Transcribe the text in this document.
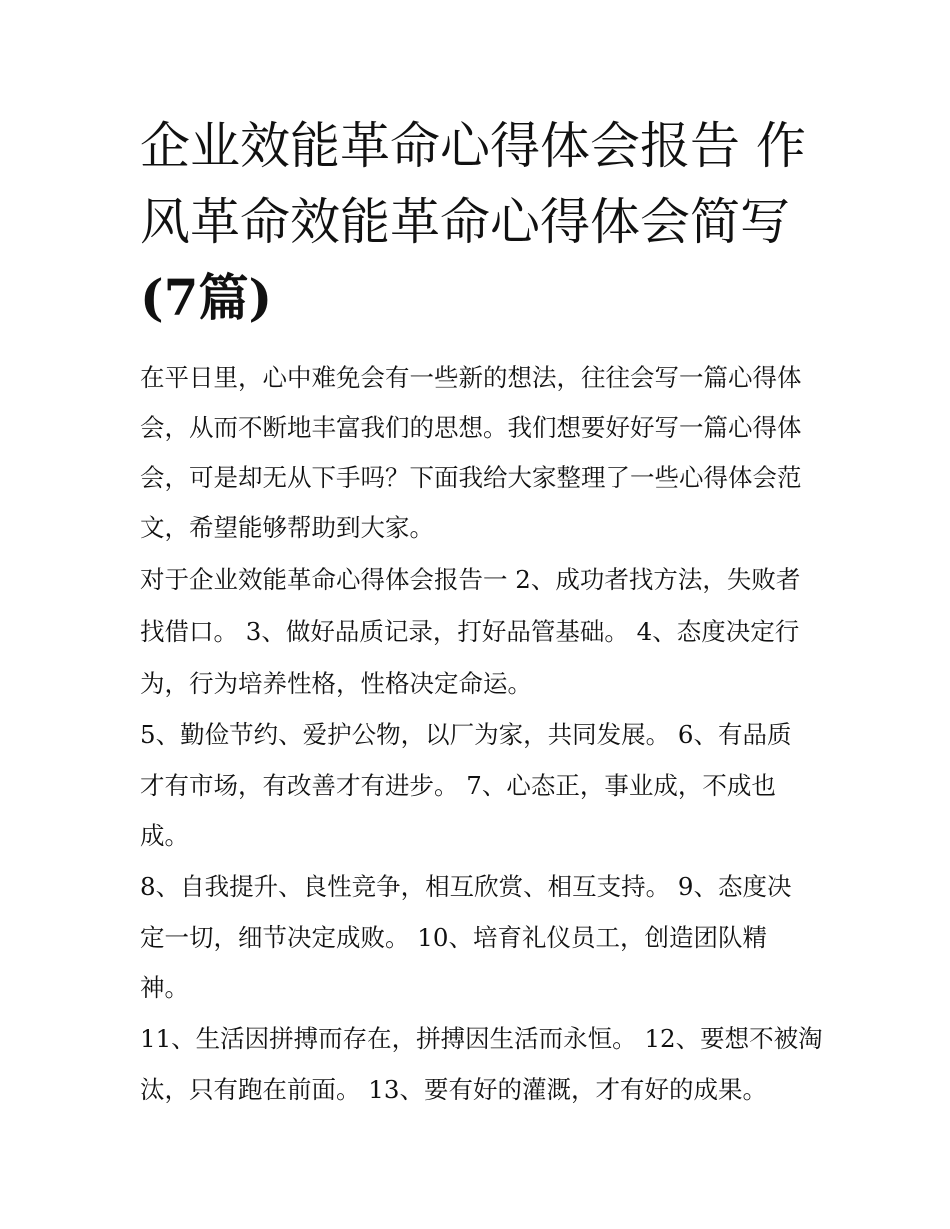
企业效能革命心得体会报告 作
风革命效能革命心得体会简写
(7篇)
在平日里，心中难免会有一些新的想法，往往会写一篇心得体
会，从而不断地丰富我们的思想。我们想要好好写一篇心得体
会，可是却无从下手吗？下面我给大家整理了一些心得体会范
文，希望能够帮助到大家。
对于企业效能革命心得体会报告一 2、成功者找方法，失败者
找借口。 3、做好品质记录，打好品管基础。 4、态度决定行
为，行为培养性格，性格决定命运。
5、勤俭节约、爱护公物，以厂为家，共同发展。 6、有品质
才有市场，有改善才有进步。 7、心态正，事业成，不成也
成。
8、自我提升、良性竞争，相互欣赏、相互支持。 9、态度决
定一切，细节决定成败。 10、培育礼仪员工，创造团队精
神。
11、生活因拼搏而存在，拼搏因生活而永恒。 12、要想不被淘
汰，只有跑在前面。 13、要有好的灌溉，才有好的成果。
